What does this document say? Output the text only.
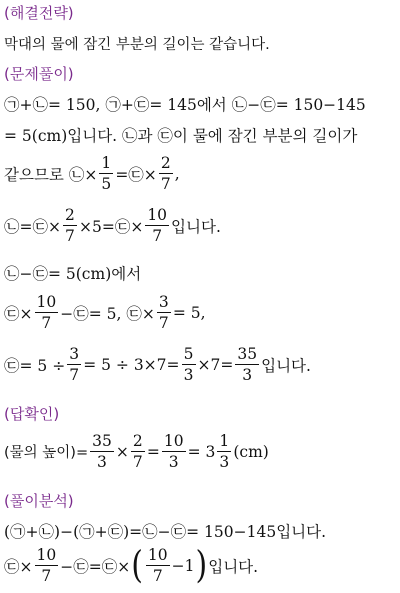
(해결전략)
막대의 물에 잠긴 부분의 길이는 같습니다.
(문제풀이)
㉠+㉡= 150, ㉠+㉢= 145에서 ㉡−㉢= 150−145
= 5(cm)입니다. ㉡과 ㉢이 물에 잠긴 부분의 길이가
같으므로 ㉡× $\frac{1}{5}$ =㉢× $\frac{2}{7}$ ,
㉡=㉢× $\frac{2}{7}$ ×5=㉢× $\frac{10}{7}$ 입니다.
㉡−㉢= 5(cm)에서
㉢× $\frac{10}{7}$ −㉢= 5, ㉢× $\frac{3}{7} = 5$,
㉢= $5 \div \frac{3}{7} = 5 \div 3\times 7= \frac{5}{3} \times 7= \frac{35}{3}$ 입니다.
(답확인)
(물의 높이)= $\frac{35}{3} \times \frac{2}{7} = \frac{10}{3} = 3 \frac{1}{3} (cm)$
(풀이분석)
(㉠+㉡)−(㉠+㉢)=㉡−㉢= 150−145입니다.
㉢× $\frac{10}{7}$ −㉢=㉢× ( $\frac{10}{7} -1$ ) 입니다.
